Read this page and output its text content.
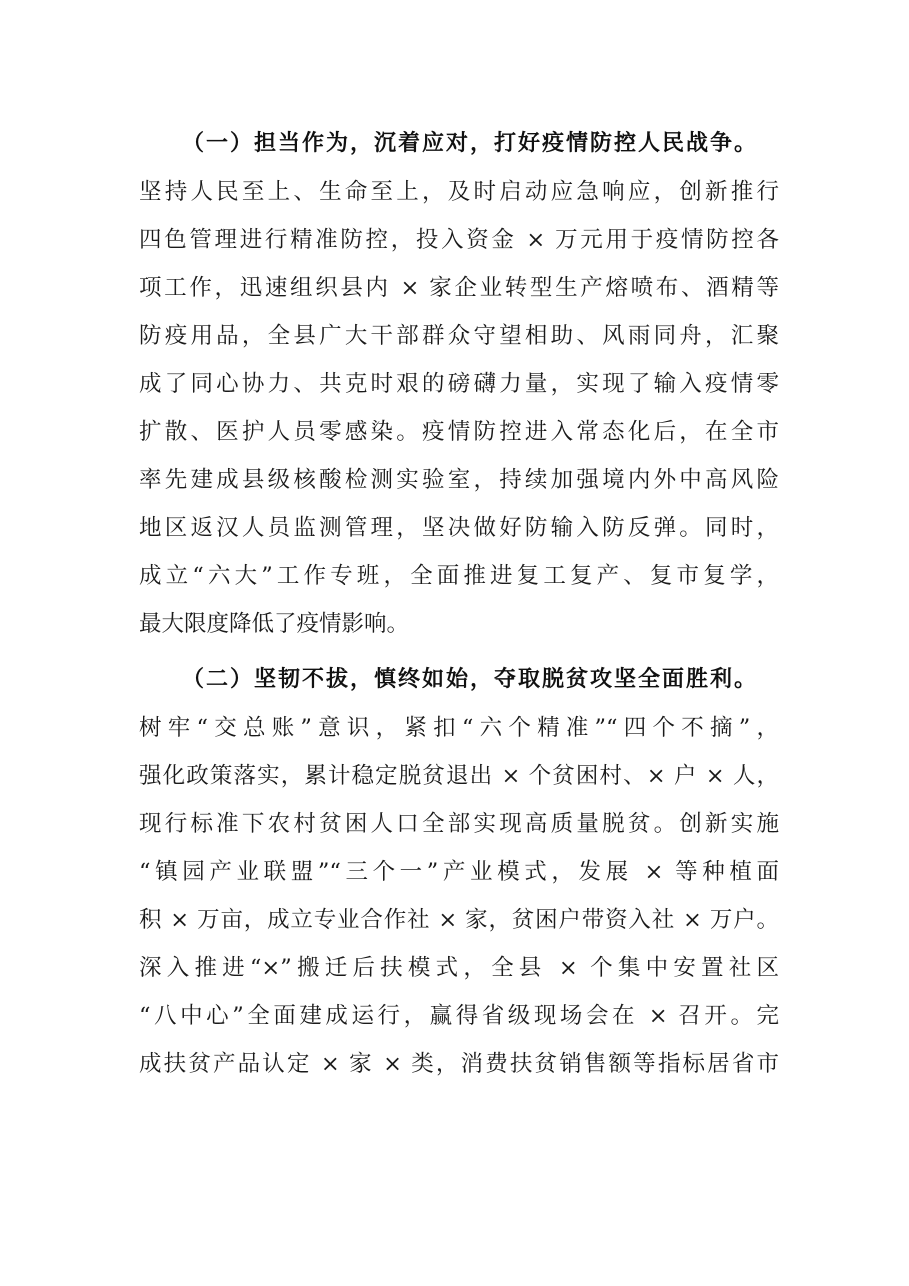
（一）担当作为，沉着应对，打好疫情防控人民战争。
坚持人民至上、生命至上，及时启动应急响应，创新推行
四色管理进行精准防控，投入资金 × 万元用于疫情防控各
项工作，迅速组织县内 × 家企业转型生产熔喷布、酒精等
防疫用品，全县广大干部群众守望相助、风雨同舟，汇聚
成了同心协力、共克时艰的磅礴力量，实现了输入疫情零
扩散、医护人员零感染。疫情防控进入常态化后，在全市
率先建成县级核酸检测实验室，持续加强境内外中高风险
地区返汉人员监测管理，坚决做好防输入防反弹。同时，
成立“六大”工作专班，全面推进复工复产、复市复学，
最大限度降低了疫情影响。
（二）坚韧不拔，慎终如始，夺取脱贫攻坚全面胜利。
树牢“交总账”意识，紧扣“六个精准”“四个不摘”，
强化政策落实，累计稳定脱贫退出 × 个贫困村、× 户 × 人，
现行标准下农村贫困人口全部实现高质量脱贫。创新实施
“镇园产业联盟”“三个一”产业模式，发展 × 等种植面
积 × 万亩，成立专业合作社 × 家，贫困户带资入社 × 万户。
深入推进“×”搬迁后扶模式，全县 × 个集中安置社区
“八中心”全面建成运行，赢得省级现场会在 × 召开。完
成扶贫产品认定 × 家 × 类，消费扶贫销售额等指标居省市
